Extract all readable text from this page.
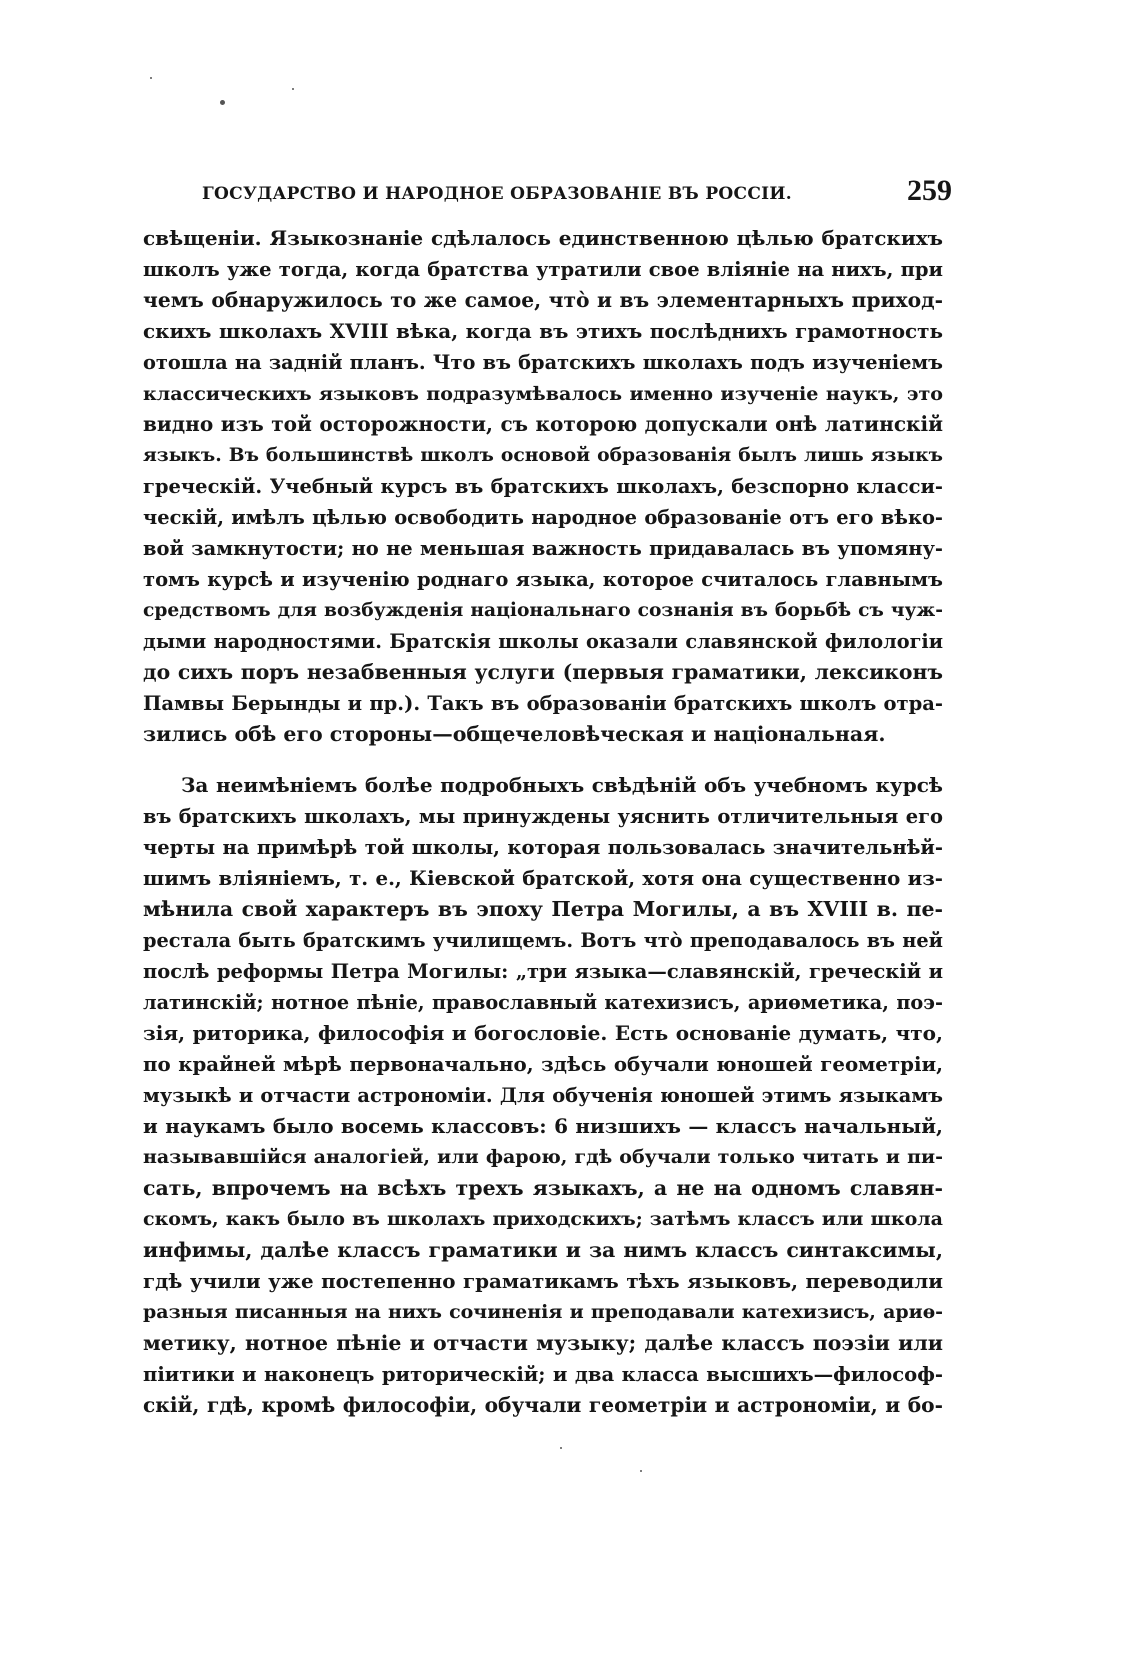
ГОСУДАРСТВО И НАРОДНОЕ ОБРАЗОВАНІЕ ВЪ РОССІИ.	259
свѣщеніи. Языкознаніе сдѣлалось единственною цѣлью братскихъ
школъ уже тогда, когда братства утратили свое вліяніе на нихъ, при
чемъ обнаружилось то же самое, что̀ и въ элементарныхъ приход-
скихъ школахъ XVIII вѣка, когда въ этихъ послѣднихъ грамотность
отошла на задній планъ. Что въ братскихъ школахъ подъ изученіемъ
классическихъ языковъ подразумѣвалось именно изученіе наукъ, это
видно изъ той осторожности, съ которою допускали онѣ латинскій
языкъ. Въ большинствѣ школъ основой образованія былъ лишь языкъ
греческій. Учебный курсъ въ братскихъ школахъ, безспорно класси-
ческій, имѣлъ цѣлью освободить народное образованіе отъ его вѣко-
вой замкнутости; но не меньшая важность придавалась въ упомяну-
томъ курсѣ и изученію роднаго языка, которое считалось главнымъ
средствомъ для возбужденія національнаго сознанія въ борьбѣ съ чуж-
дыми народностями. Братскія школы оказали славянской филологіи
до сихъ поръ незабвенныя услуги (первыя граматики, лексиконъ
Памвы Берынды и пр.). Такъ въ образованіи братскихъ школъ отра-
зились обѣ его стороны—общечеловѣческая и національная.
За неимѣніемъ болѣе подробныхъ свѣдѣній объ учебномъ курсѣ
въ братскихъ школахъ, мы принуждены уяснить отличительныя его
черты на примѣрѣ той школы, которая пользовалась значительнѣй-
шимъ вліяніемъ, т. е., Кіевской братской, хотя она существенно из-
мѣнила свой характеръ въ эпоху Петра Могилы, а въ XVIII в. пе-
рестала быть братскимъ училищемъ. Вотъ что̀ преподавалось въ ней
послѣ реформы Петра Могилы: „три языка—славянскій, греческій и
латинскій; нотное пѣніе, православный катехизисъ, ариѳметика, поэ-
зія, риторика, философія и богословіе. Есть основаніе думать, что,
по крайней мѣрѣ первоначально, здѣсь обучали юношей геометріи,
музыкѣ и отчасти астрономіи. Для обученія юношей этимъ языкамъ
и наукамъ было восемь классовъ: 6 низшихъ — классъ начальный,
называвшійся аналогіей, или фарою, гдѣ обучали только читать и пи-
сать, впрочемъ на всѣхъ трехъ языкахъ, а не на одномъ славян-
скомъ, какъ было въ школахъ приходскихъ; затѣмъ классъ или школа
инфимы, далѣе классъ граматики и за нимъ классъ синтаксимы,
гдѣ учили уже постепенно граматикамъ тѣхъ языковъ, переводили
разныя писанныя на нихъ сочиненія и преподавали катехизисъ, ариѳ-
метику, нотное пѣніе и отчасти музыку; далѣе классъ поэзіи или
піитики и наконецъ риторическій; и два класса высшихъ—философ-
скій, гдѣ, кромѣ философіи, обучали геометріи и астрономіи, и бо-
